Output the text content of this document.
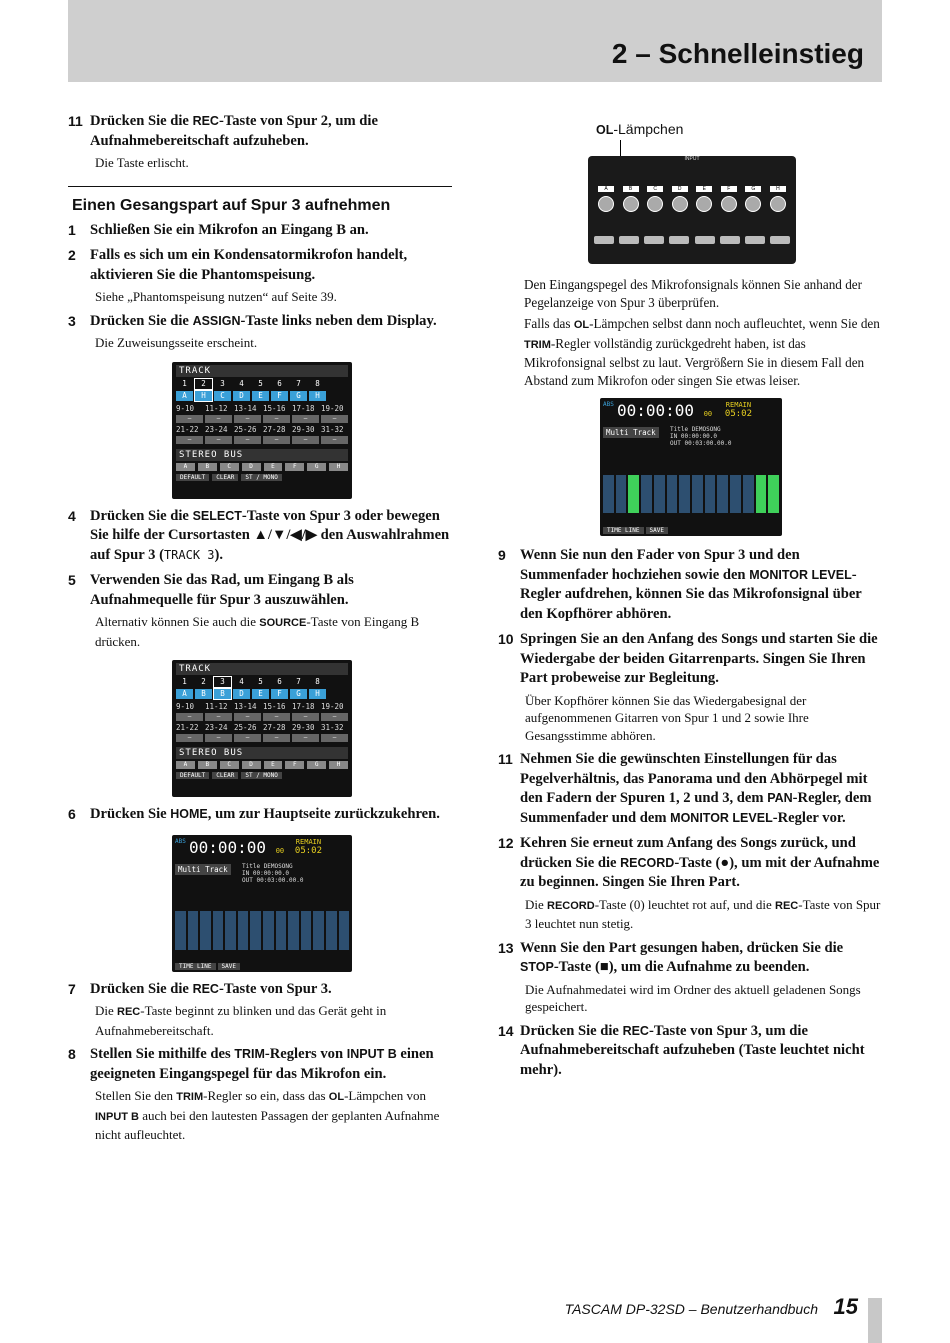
2 – Schnelleinstieg
11 Drücken Sie die REC-Taste von Spur 2, um die Aufnahmebereitschaft aufzuheben.
Die Taste erlischt.
Einen Gesangspart auf Spur 3 aufnehmen
1 Schließen Sie ein Mikrofon an Eingang B an.
2 Falls es sich um ein Kondensatormikrofon handelt, aktivieren Sie die Phantomspeisung.
Siehe „Phantomspeisung nutzen“ auf Seite 39.
3 Drücken Sie die ASSIGN-Taste links neben dem Display.
Die Zuweisungsseite erscheint.
TRACK
1	2	3	4	5	6	7	8
A	H	C	D	E	F	G	H
9-10	11-12 13-14 15-16 17-18 19-20
–	–	–	–	–	–
21-22 23-24 25-26 27-28 29-30 31-32
–	–	–	–	–	–
STEREO BUS
A	B	C	D	E	F	G	H
DEFAULT	CLEAR	ST / MONO
4 Drücken Sie die SELECT-Taste von Spur 3 oder bewegen Sie hilfe der Cursortasten ▲/▼/◀/▶ den Auswahlrahmen auf Spur 3 (TRACK 3).
5 Verwenden Sie das Rad, um Eingang B als Aufnahmequelle für Spur 3 auszuwählen.
Alternativ können Sie auch die SOURCE-Taste von Eingang B drücken.
TRACK
1	2	3	4	5	6	7	8
A	B	B	D	E	F	G	H
9-10	11-12 13-14 15-16 17-18 19-20
–	–	–	–	–	–
21-22 23-24 25-26 27-28 29-30 31-32
–	–	–	–	–	–
STEREO BUS
A	B	C	D	E	F	G	H
DEFAULT	CLEAR	ST / MONO
6 Drücken Sie HOME, um zur Hauptseite zurückzukehren.
ABS 00:00:00 00
REMAIN
05:02
Multi Track Title DEMOSONG
IN 00:00:00.0
OUT 00:03:00.00.0
TIME LINE SAVE
7 Drücken Sie die REC-Taste von Spur 3.
Die REC-Taste beginnt zu blinken und das Gerät geht in Aufnahmebereitschaft.
8 Stellen Sie mithilfe des TRIM-Reglers von INPUT B einen geeigneten Eingangspegel für das Mikrofon ein.
Stellen Sie den TRIM-Regler so ein, dass das OL-Lämpchen von INPUT B auch bei den lautesten Passagen der geplanten Aufnahme nicht aufleuchtet.
OL-Lämpchen
INPUT
A	B	C	D	E	F	G	H

Den Eingangspegel des Mikrofonsignals können Sie anhand der Pegelanzeige von Spur 3 überprüfen.

Falls das OL-Lämpchen selbst dann noch aufleuchtet, wenn Sie den TRIM-Regler vollständig zurückgedreht haben, ist das Mikrofonsignal selbst zu laut. Vergrößern Sie in diesem Fall den Abstand zum Mikrofon oder singen Sie etwas leiser.

ABS 00:00:00 00
REMAIN
05:02
Multi Track Title DEMOSONG
IN 00:00:00.0
OUT 00:03:00.00.0
TIME LINE SAVE
9 Wenn Sie nun den Fader von Spur 3 und den Summenfader hochziehen sowie den MONITOR LEVEL-Regler aufdrehen, können Sie das Mikrofonsignal über den Kopfhörer abhören.
10 Springen Sie an den Anfang des Songs und starten Sie die Wiedergabe der beiden Gitarrenparts. Singen Sie Ihren Part probeweise zur Begleitung.
Über Kopfhörer können Sie das Wiedergabesignal der aufgenommenen Gitarren von Spur 1 und 2 sowie Ihre Gesangsstimme abhören.
11 Nehmen Sie die gewünschten Einstellungen für das Pegelverhältnis, das Panorama und den Abhörpegel mit den Fadern der Spuren 1, 2 und 3, dem PAN-Regler, dem Summenfader und dem MONITOR LEVEL-Regler vor.
12 Kehren Sie erneut zum Anfang des Songs zurück, und drücken Sie die RECORD-Taste (●), um mit der Aufnahme zu beginnen. Singen Sie Ihren Part.
Die RECORD-Taste (0) leuchtet rot auf, und die REC-Taste von Spur 3 leuchtet nun stetig.
13 Wenn Sie den Part gesungen haben, drücken Sie die STOP-Taste (■), um die Aufnahme zu beenden.
Die Aufnahmedatei wird im Ordner des aktuell geladenen Songs gespeichert.
14 Drücken Sie die REC-Taste von Spur 3, um die Aufnahmebereitschaft aufzuheben (Taste leuchtet nicht mehr).
TASCAM DP-32SD – Benutzerhandbuch 15
